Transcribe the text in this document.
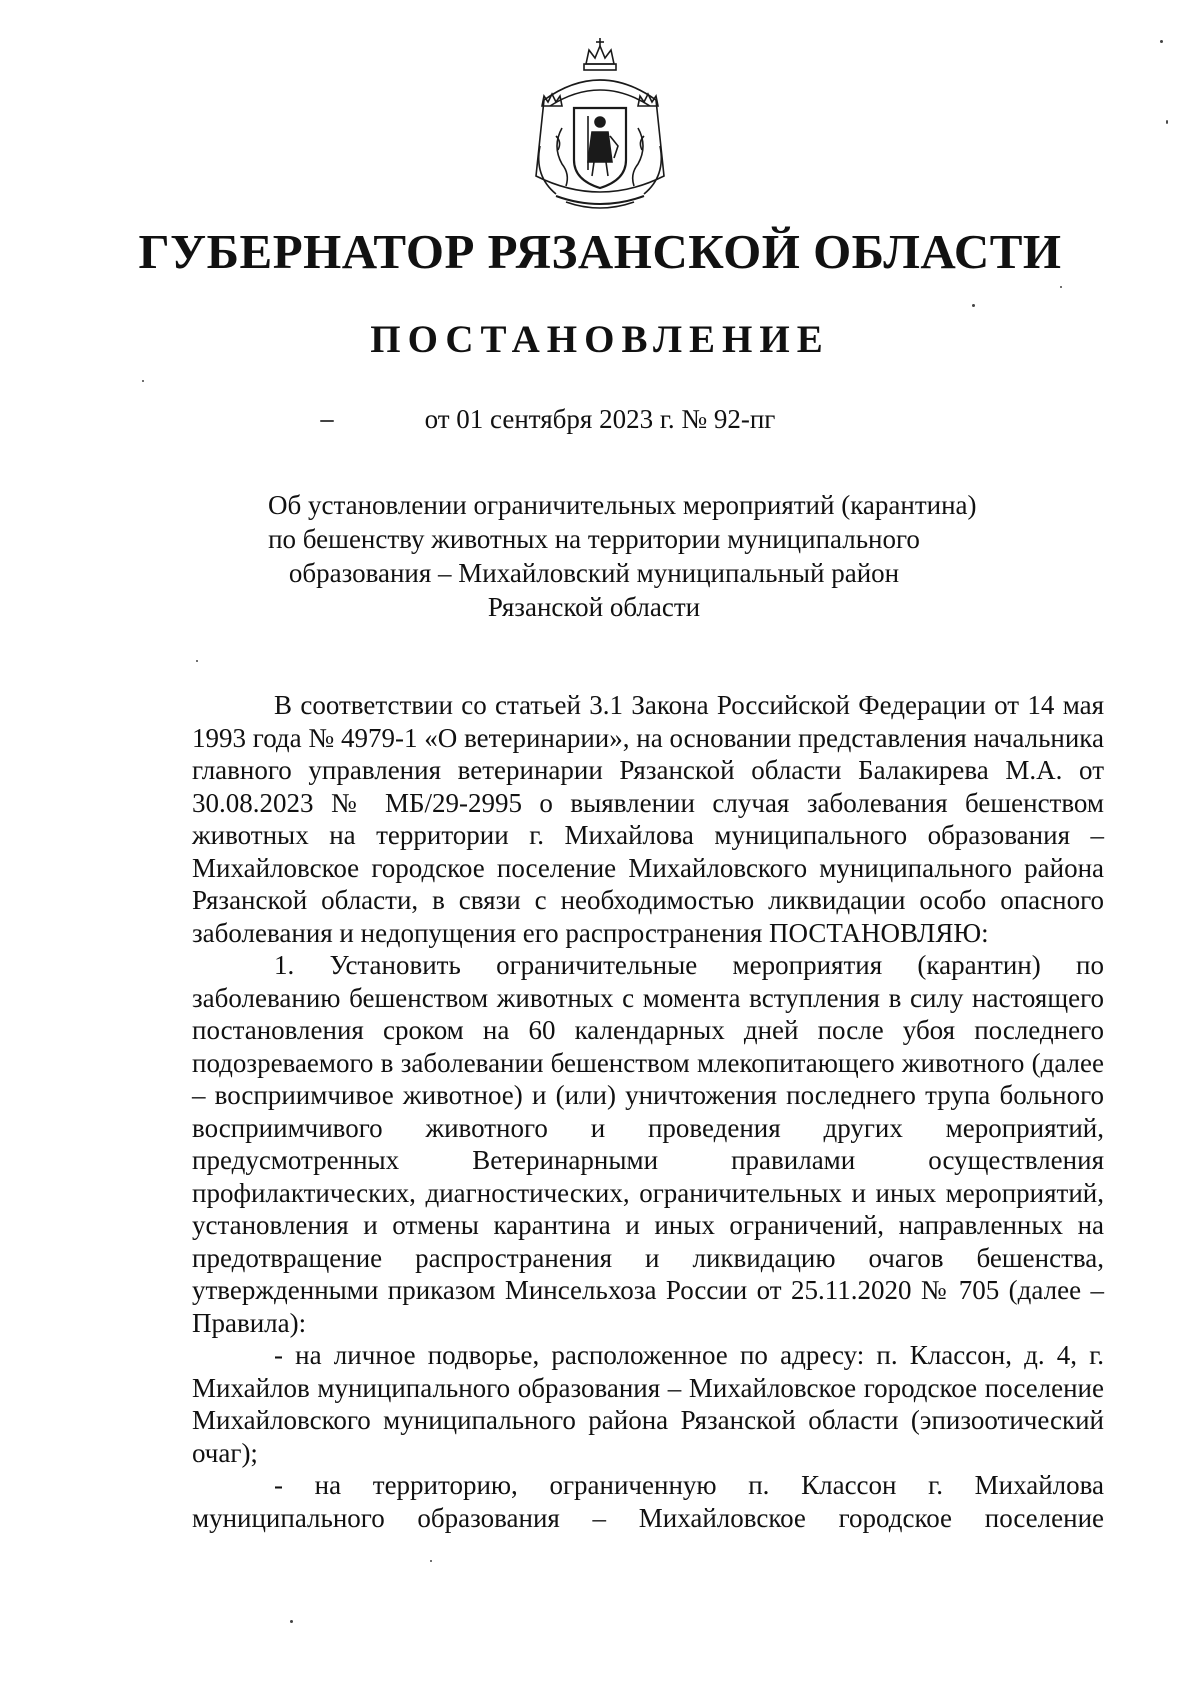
ГУБЕРНАТОР РЯЗАНСКОЙ ОБЛАСТИ
ПОСТАНОВЛЕНИЕ
от 01 сентября 2023 г. № 92-пг
Об установлении ограничительных мероприятий (карантина)
по бешенству животных на территории муниципального
образования – Михайловский муниципальный район
Рязанской области

В соответствии со статьей 3.1 Закона Российской Федерации от 14 мая 1993 года № 4979-1 «О ветеринарии», на основании представления начальника главного управления ветеринарии Рязанской области Балакирева М.А. от 30.08.2023 № МБ/29-2995 о выявлении случая заболевания бешенством животных на территории г. Михайлова муниципального образования – Михайловское городское поселение Михайловского муниципального района Рязанской области, в связи с необходимостью ликвидации особо опасного заболевания и недопущения его распространения ПОСТАНОВЛЯЮ:

1. Установить ограничительные мероприятия (карантин) по заболеванию бешенством животных с момента вступления в силу настоящего постановления сроком на 60 календарных дней после убоя последнего подозреваемого в заболевании бешенством млекопитающего животного (далее – восприимчивое животное) и (или) уничтожения последнего трупа больного восприимчивого животного и проведения других мероприятий, предусмотренных Ветеринарными правилами осуществления профилактических, диагностических, ограничительных и иных мероприятий, установления и отмены карантина и иных ограничений, направленных на предотвращение распространения и ликвидацию очагов бешенства, утвержденными приказом Минсельхоза России от 25.11.2020 № 705 (далее – Правила):

- на личное подворье, расположенное по адресу: п. Классон, д. 4, г. Михайлов муниципального образования – Михайловское городское поселение Михайловского муниципального района Рязанской области (эпизоотический очаг);

- на территорию, ограниченную п. Классон г. Михайлова муниципального образования – Михайловское городское поселение
